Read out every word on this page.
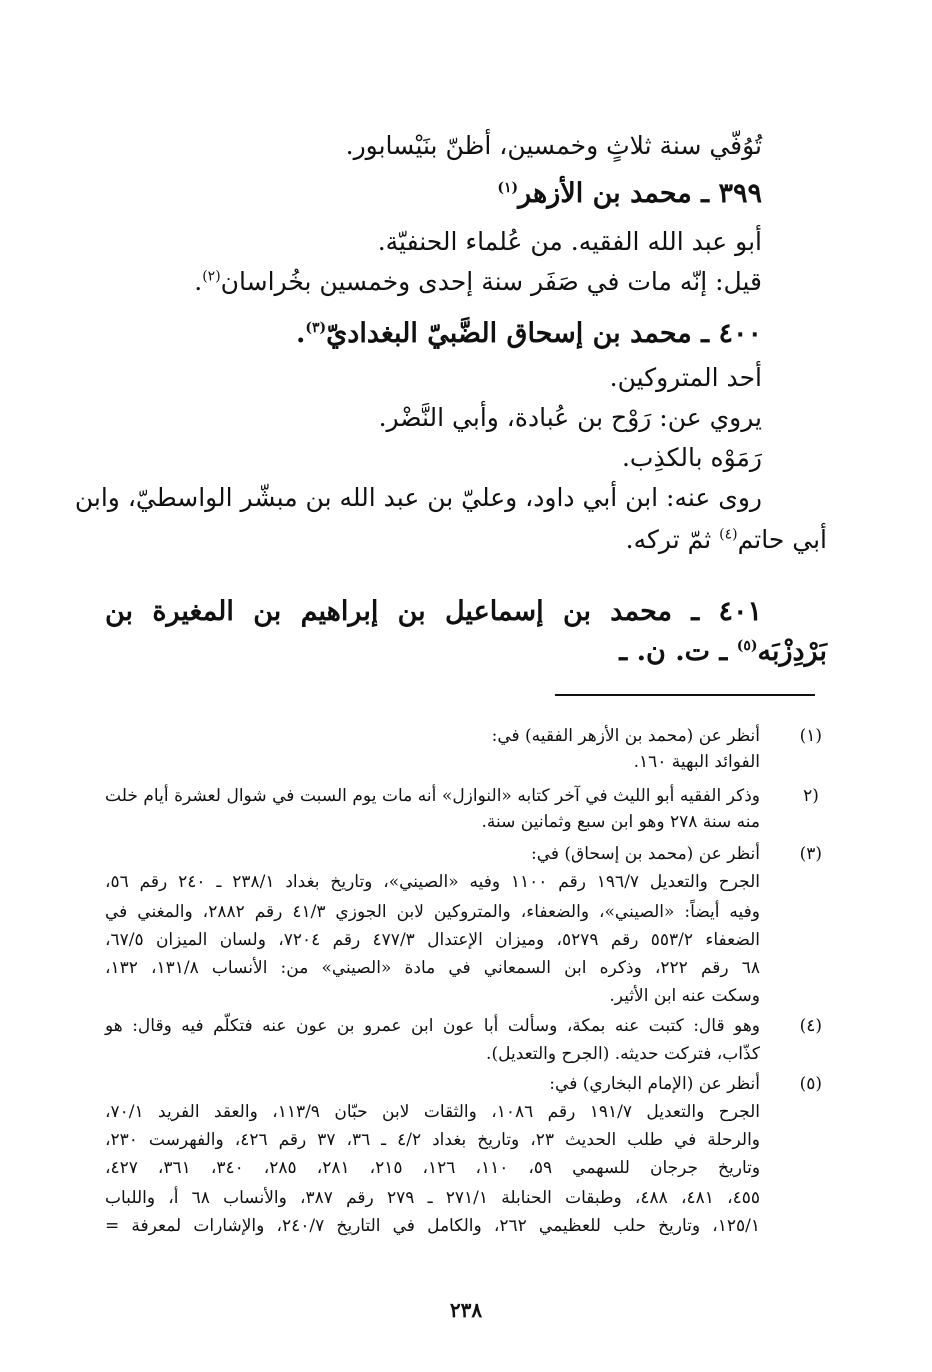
تُوُفّي سنة ثلاثٍ وخمسين، أظنّ بنَيْسابور.
٣٩٩ ـ محمد بن الأزهر$^{(١)}$
أبو عبد الله الفقيه. من عُلماء الحنفيّة.
قيل: إنّه مات في صَفَر سنة إحدى وخمسين بخُراسان$^{(٢)}$.
٤٠٠ ـ محمد بن إسحاق الضَّبيّ البغداديّ$^{(٣)}$.
أحد المتروكين.
يروي عن: رَوْح بن عُبادة، وأبي النَّضْر.
رَمَوْه بالكذِب.
روى عنه: ابن أبي داود، وعليّ بن عبد الله بن مبشّر الواسطيّ، وابن
أبي حاتم$^{(٤)}$ ثمّ تركه.
٤٠١ ـ محمد بن إسماعيل بن إبراهيم بن المغيرة بن
بَرْدِزْبَه$^{(٥)}$ ـ ت. ن. ـ
(١)
أنظر عن (محمد بن الأزهر الفقيه) في:
الفوائد البهية ١٦٠.
(٢
وذكر الفقيه أبو الليث في آخر كتابه «النوازل» أنه مات يوم السبت في شوال لعشرة أيام خلت
منه سنة ٢٧٨ وهو ابن سبع وثمانين سنة.
(٣)
أنظر عن (محمد بن إسحاق) في:
الجرح والتعديل ١٩٦/٧ رقم ١١٠٠ وفيه «الصيني»، وتاريخ بغداد ٢٣٨/١ ـ ٢٤٠ رقم ٥٦،
وفيه أيضاً: «الصيني»، والضعفاء، والمتروكين لابن الجوزي ٤١/٣ رقم ٢٨٨٢، والمغني في
الضعفاء ٥٥٣/٢ رقم ٥٢٧٩، وميزان الإعتدال ٤٧٧/٣ رقم ٧٢٠٤، ولسان الميزان ٦٧/٥،
٦٨ رقم ٢٢٢، وذكره ابن السمعاني في مادة «الصيني» من: الأنساب ١٣١/٨، ١٣٢،
وسكت عنه ابن الأثير.
(٤)
وهو قال: كتبت عنه بمكة، وسألت أبا عون ابن عمرو بن عون عنه فتكلّم فيه وقال: هو
كذّاب، فتركت حديثه. (الجرح والتعديل).
(٥)
أنظر عن (الإمام البخاري) في:
الجرح والتعديل ١٩١/٧ رقم ١٠٨٦، والثقات لابن حبّان ١١٣/٩، والعقد الفريد ٧٠/١،
والرحلة في طلب الحديث ٢٣، وتاريخ بغداد ٤/٢ ـ ٣٦، ٣٧ رقم ٤٢٦، والفهرست ٢٣٠،
وتاريخ جرجان للسهمي ٥٩، ١١٠، ١٢٦، ٢١٥، ٢٨١، ٢٨٥، ٣٤٠، ٣٦١، ٤٢٧،
٤٥٥، ٤٨١، ٤٨٨، وطبقات الحنابلة ٢٧١/١ ـ ٢٧٩ رقم ٣٨٧، والأنساب ٦٨ أ، واللباب
١٢٥/١، وتاريخ حلب للعظيمي ٢٦٢، والكامل في التاريخ ٢٤٠/٧، والإشارات لمعرفة =
٢٣٨
